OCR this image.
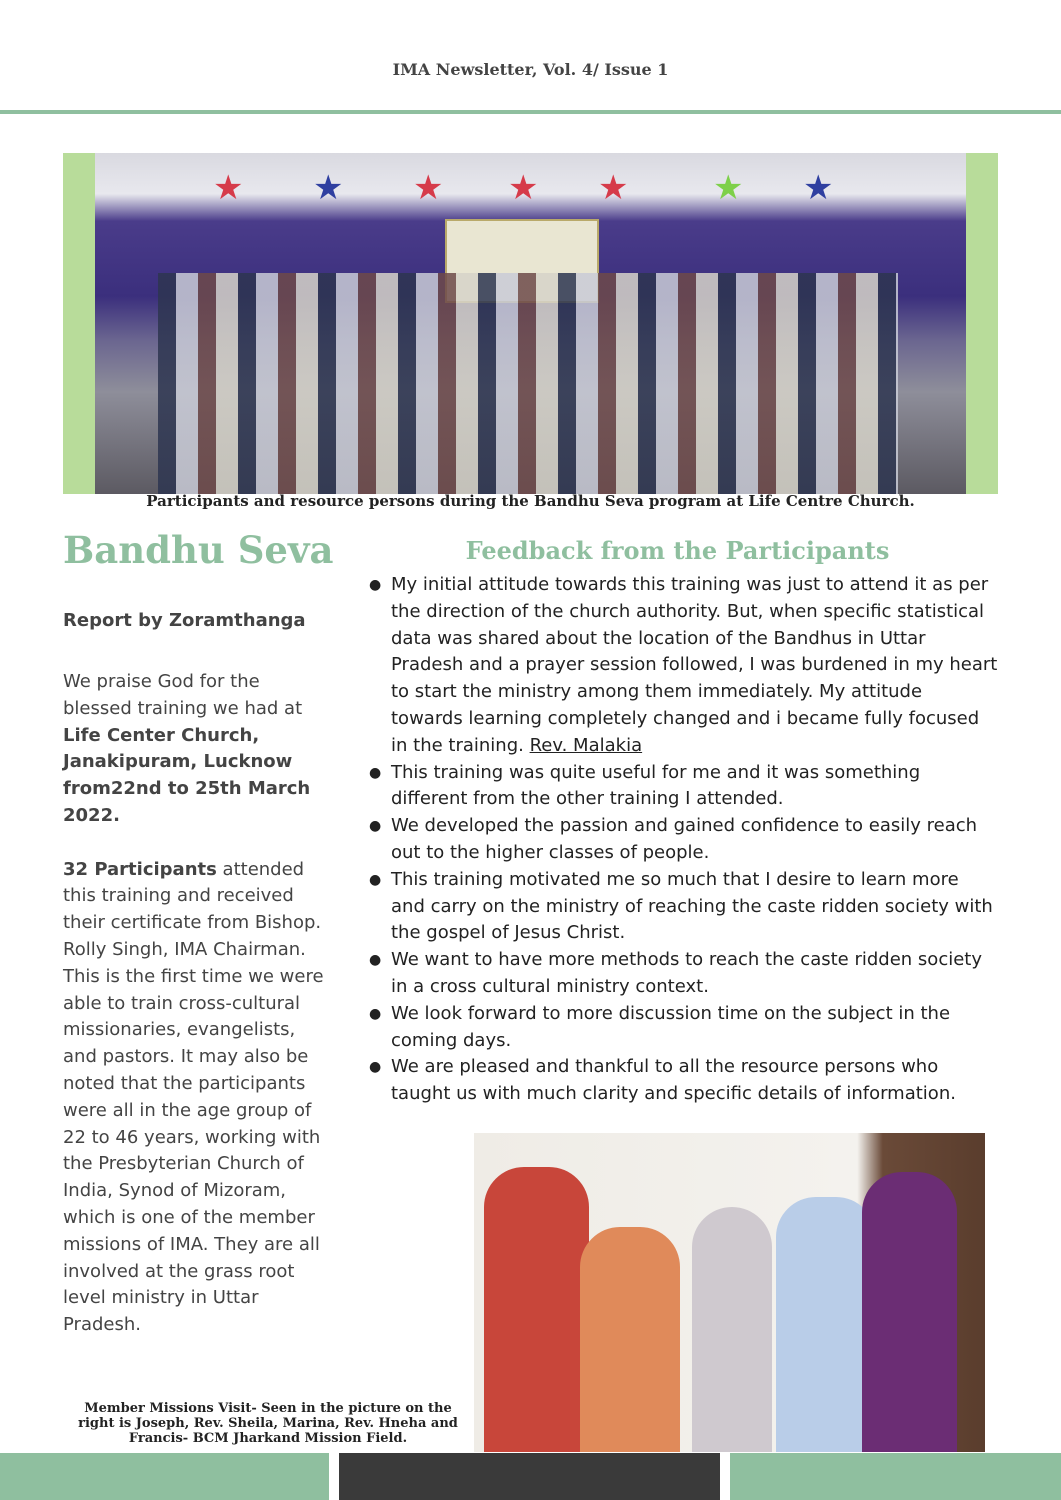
IMA Newsletter, Vol. 4/ Issue 1
★ ★ ★ ★ ★ ★ ★
Participants and resource persons during the Bandhu Seva program at Life Centre Church.
Bandhu Seva
Report by Zoramthanga

We praise God for the blessed training we had at Life Center Church, Janakipuram, Lucknow from22nd to 25th March 2022.

32 Participants attended this training and received their certificate from Bishop. Rolly Singh, IMA Chairman. This is the first time we were able to train cross-cultural missionaries, evangelists, and pastors. It may also be noted that the participants were all in the age group of 22 to 46 years, working with the Presbyterian Church of India, Synod of Mizoram, which is one of the member missions of IMA. They are all involved at the grass root level ministry in Uttar Pradesh.

Feedback from the Participants
● My initial attitude towards this training was just to attend it as per the direction of the church authority. But, when specific statistical data was shared about the location of the Bandhus in Uttar Pradesh and a prayer session followed, I was burdened in my heart to start the ministry among them immediately. My attitude towards learning completely changed and i became fully focused in the training. Rev. Malakia
● This training was quite useful for me and it was something different from the other training I attended.
● We developed the passion and gained confidence to easily reach out to the higher classes of people.
● This training motivated me so much that I desire to learn more and carry on the ministry of reaching the caste ridden society with the gospel of Jesus Christ.
● We want to have more methods to reach the caste ridden society in a cross cultural ministry context.
● We look forward to more discussion time on the subject in the coming days.
● We are pleased and thankful to all the resource persons who taught us with much clarity and specific details of information.
Member Missions Visit- Seen in the picture on the right is Joseph, Rev. Sheila, Marina, Rev. Hneha and Francis- BCM Jharkand Mission Field.
